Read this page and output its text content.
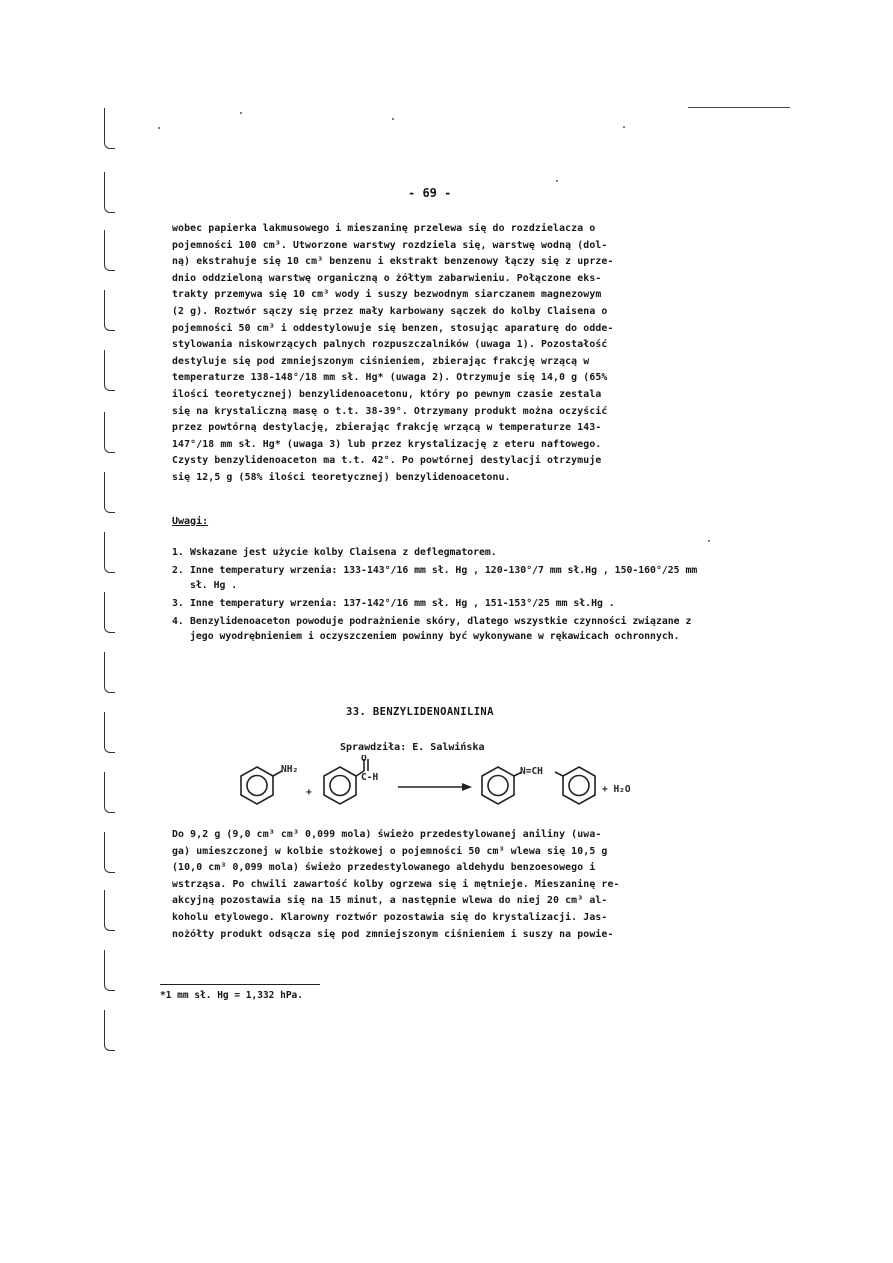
- 69 -
wobec papierka lakmusowego i mieszaninę przelewa się do rozdzielacza o
pojemności 100 cm³. Utworzone warstwy rozdziela się, warstwę wodną (dol-
ną) ekstrahuje się 10 cm³ benzenu i ekstrakt benzenowy łączy się z uprze-
dnio oddzieloną warstwę organiczną o żółtym zabarwieniu. Połączone eks-
trakty przemywa się 10 cm³ wody i suszy bezwodnym siarczanem magnezowym
(2 g). Roztwór sączy się przez mały karbowany sączek do kolby Claisena o
pojemności 50 cm³ i oddestylowuje się benzen, stosując aparaturę do odde-
stylowania niskowrzących palnych rozpuszczalników (uwaga 1). Pozostałość
destyluje się pod zmniejszonym ciśnieniem, zbierając frakcję wrzącą w
temperaturze 138-148°/18 mm sł. Hg* (uwaga 2). Otrzymuje się 14,0 g (65%
ilości teoretycznej) benzylidenoacetonu, który po pewnym czasie zestala
się na krystaliczną masę o t.t. 38-39°. Otrzymany produkt można oczyścić
przez powtórną destylację, zbierając frakcję wrzącą w temperaturze 143-
147°/18 mm sł. Hg* (uwaga 3) lub przez krystalizację z eteru naftowego.
Czysty benzylidenoaceton ma t.t. 42°. Po powtórnej destylacji otrzymuje
się 12,5 g (58% ilości teoretycznej) benzylidenoacetonu.
Uwagi:
1. Wskazane jest użycie kolby Claisena z deflegmatorem.
2. Inne temperatury wrzenia: 133-143°/16 mm sł. Hg , 120-130°/7 mm sł.Hg , 150-160°/25 mm sł. Hg .
3. Inne temperatury wrzenia: 137-142°/16 mm sł. Hg , 151-153°/25 mm sł.Hg .
4. Benzylidenoaceton powoduje podrażnienie skóry, dlatego wszystkie czynności związane z jego wyodrębnieniem i oczyszczeniem powinny być wykonywane w rękawicach ochronnych.
33. BENZYLIDENOANILINA
Sprawdziła: E. Salwińska
NH₂
+
O
C-H
N=CH
+ H₂O
Do 9,2 g (9,0 cm³ cm³ 0,099 mola) świeżo przedestylowanej aniliny (uwa-
ga) umieszczonej w kolbie stożkowej o pojemności 50 cm³ wlewa się 10,5 g
(10,0 cm³ 0,099 mola) świeżo przedestylowanego aldehydu benzoesowego i
wstrząsa. Po chwili zawartość kolby ogrzewa się i mętnieje. Mieszaninę re-
akcyjną pozostawia się na 15 minut, a następnie wlewa do niej 20 cm³ al-
koholu etylowego. Klarowny roztwór pozostawia się do krystalizacji. Jas-
nożółty produkt odsącza się pod zmniejszonym ciśnieniem i suszy na powie-
*1 mm sł. Hg = 1,332 hPa.
